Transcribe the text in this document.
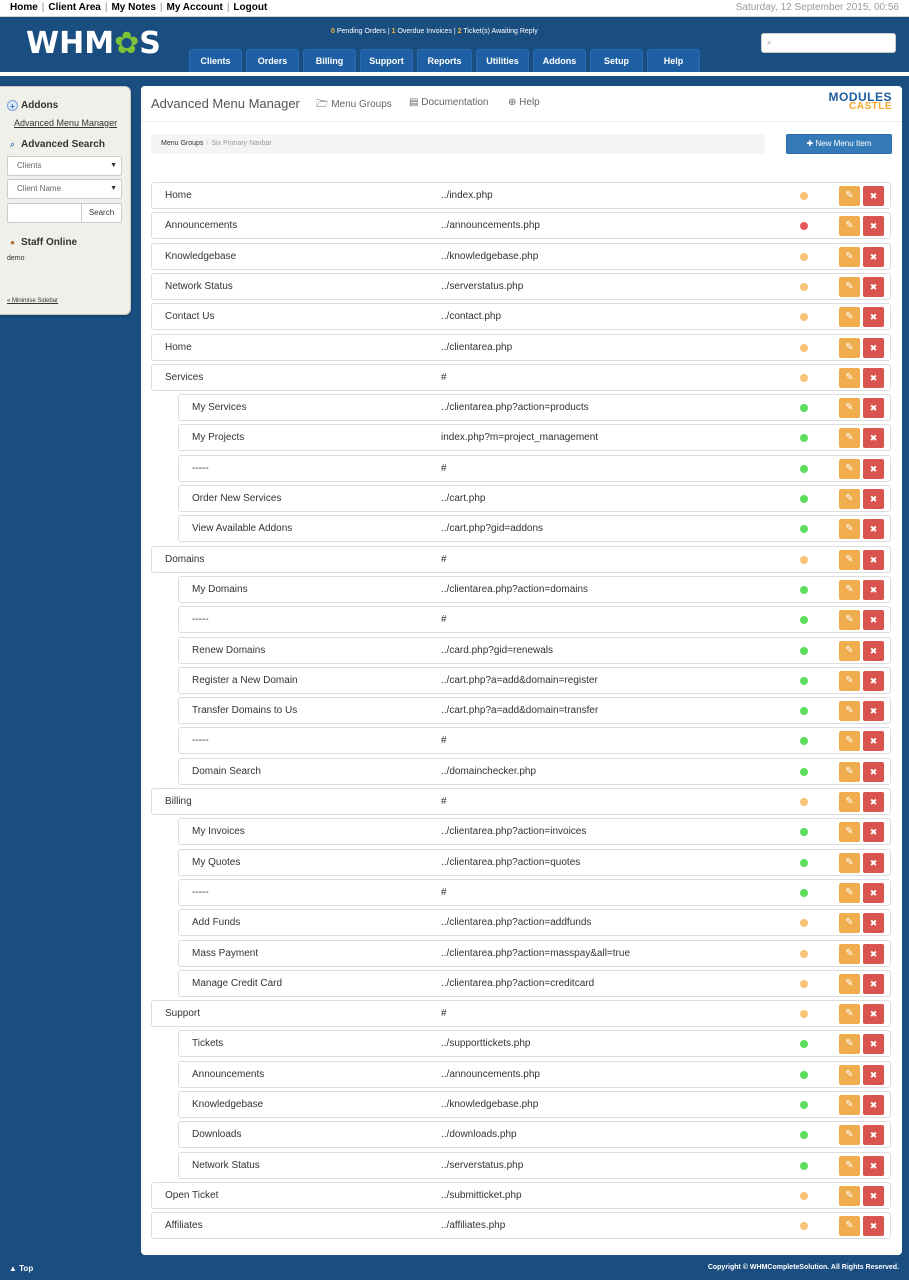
Home | Client Area | My Notes | My Account | Logout	Saturday, 12 September 2015, 00:56
WHM✿S	0 Pending Orders | 1 Overdue Invoices | 2 Ticket(s) Awaiting Reply
⌕
Clients	Orders	Billing	Support	Reports	Utilities	Addons	Setup	Help
+ Addons
Advanced Menu Manager
⌕ Advanced Search
Clients	▼
Client Name	▼
Search
● Staff Online
demo
« Minimise Sidebar
Advanced Menu Manager 🗁 Menu Groups ▤ Documentation ⊕ Help	MODULES
CASTLE
Menu Groups / Six Primary Navbar	✚ New Menu Item
Home	../index.php	✎	✖
Announcements	../announcements.php	✎	✖
Knowledgebase	../knowledgebase.php	✎	✖
Network Status	../serverstatus.php	✎	✖
Contact Us	../contact.php	✎	✖
Home	../clientarea.php	✎	✖
Services	#	✎	✖
My Services	../clientarea.php?action=products	✎	✖
My Projects	index.php?m=project_management	✎	✖
-----	#	✎	✖
Order New Services	../cart.php	✎	✖
View Available Addons	../cart.php?gid=addons	✎	✖
Domains	#	✎	✖
My Domains	../clientarea.php?action=domains	✎	✖
-----	#	✎	✖
Renew Domains	../card.php?gid=renewals	✎	✖
Register a New Domain	../cart.php?a=add&domain=register	✎	✖
Transfer Domains to Us	../cart.php?a=add&domain=transfer	✎	✖
-----	#	✎	✖
Domain Search	../domainchecker.php	✎	✖
Billing	#	✎	✖
My Invoices	../clientarea.php?action=invoices	✎	✖
My Quotes	../clientarea.php?action=quotes	✎	✖
-----	#	✎	✖
Add Funds	../clientarea.php?action=addfunds	✎	✖
Mass Payment	../clientarea.php?action=masspay&all=true	✎	✖
Manage Credit Card	../clientarea.php?action=creditcard	✎	✖
Support	#	✎	✖
Tickets	../supporttickets.php	✎	✖
Announcements	../announcements.php	✎	✖
Knowledgebase	../knowledgebase.php	✎	✖
Downloads	../downloads.php	✎	✖
Network Status	../serverstatus.php	✎	✖
Open Ticket	../submitticket.php	✎	✖
Affiliates	../affiliates.php	✎	✖
▲ Top	Copyright © WHMCompleteSolution. All Rights Reserved.
